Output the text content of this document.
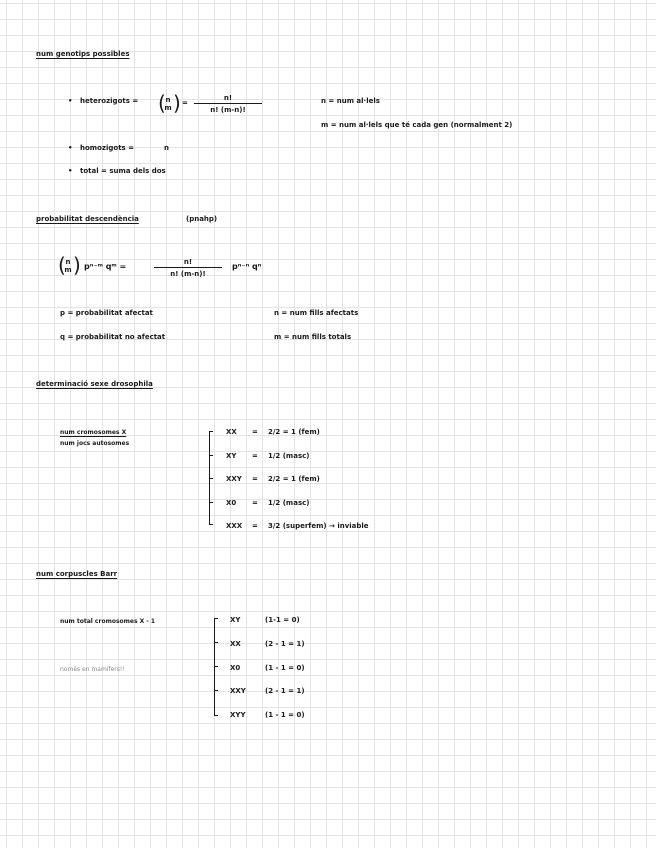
num genotips possibles
• heterozigots = ( n
m ) = $\frac{n!}{n! (m-n)!}$	n = num al·lels
m = num al·lels que té cada gen (normalment 2)
• homozigots =	n
• total = suma dels dos
probabilitat descendència	(pnahp)
( n
m ) pⁿ⁻ᵐ qᵐ =	$\frac{n!}{n! (m-n)!} p^{n-n}$ qⁿ
p = probabilitat afectat
q = probabilitat no afectat
n = num fills afectats
m = num fills totals
determinació sexe drosophila
num cromosomes X
num jocs autosomes
XX = 2/2 = 1 (fem)
XY = 1/2 (masc)
XXY = 2/2 = 1 (fem)
X0 = 1/2 (masc)
XXX = 3/2 (superfem) → inviable
num corpuscles Barr
num total cromosomes X - 1
només en mamífers!!
XY	(1-1 = 0)
XX	(2 - 1 = 1)
X0	(1 - 1 = 0)
XXY	(2 - 1 = 1)
XYY	(1 - 1 = 0)
